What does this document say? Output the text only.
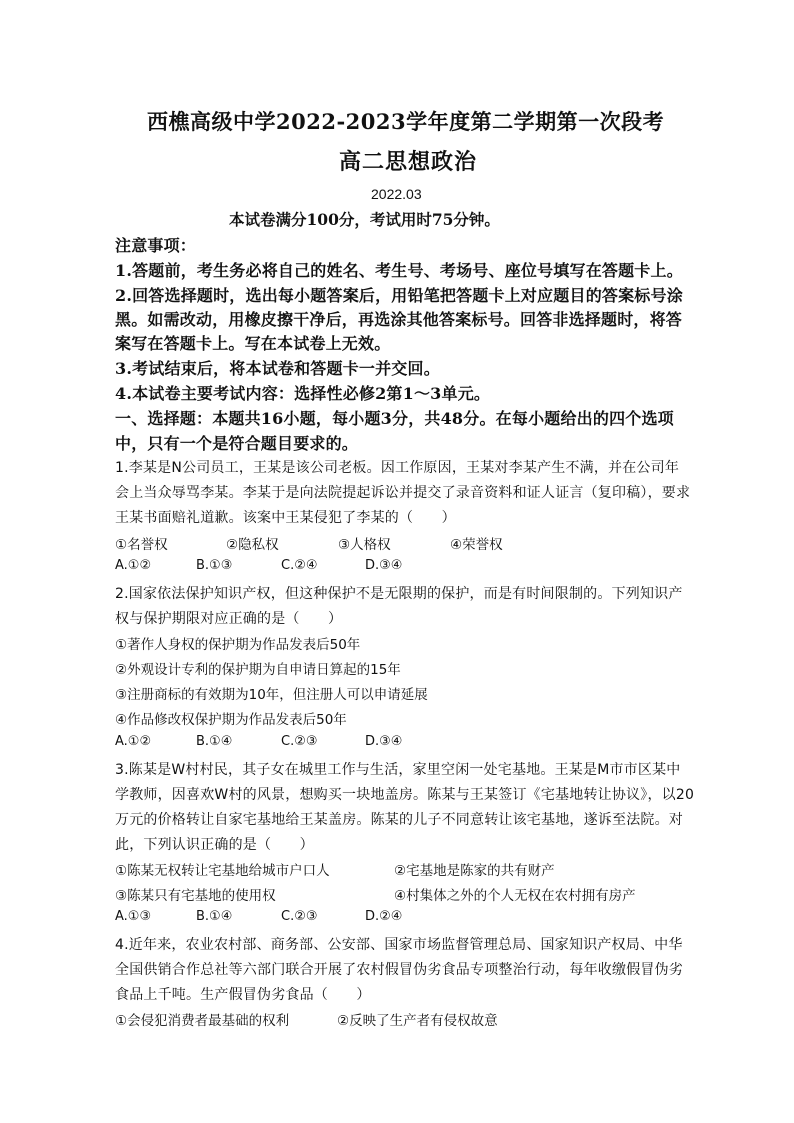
西樵高级中学2022-2023学年度第二学期第一次段考
高二思想政治
2022.03
本试卷满分100分，考试用时75分钟。
注意事项：
1.答题前，考生务必将自己的姓名、考生号、考场号、座位号填写在答题卡上。
2.回答选择题时，选出每小题答案后，用铅笔把答题卡上对应题目的答案标号涂
黑。如需改动，用橡皮擦干净后，再选涂其他答案标号。回答非选择题时，将答
案写在答题卡上。写在本试卷上无效。
3.考试结束后，将本试卷和答题卡一并交回。
4.本试卷主要考试内容：选择性必修2第1～3单元。
一、选择题：本题共16小题，每小题3分，共48分。在每小题给出的四个选项
中，只有一个是符合题目要求的。
1.李某是N公司员工，王某是该公司老板。因工作原因，王某对李某产生不满，并在公司年
会上当众辱骂李某。李某于是向法院提起诉讼并提交了录音资料和证人证言（复印稿），要求
王某书面赔礼道歉。该案中王某侵犯了李某的（　　）
①名誉权	②隐私权	③人格权	④荣誉权
A.①②	B.①③	C.②④	D.③④
2.国家依法保护知识产权，但这种保护不是无限期的保护，而是有时间限制的。下列知识产
权与保护期限对应正确的是（　　）
①著作人身权的保护期为作品发表后50年
②外观设计专利的保护期为自申请日算起的15年
③注册商标的有效期为10年，但注册人可以申请延展
④作品修改权保护期为作品发表后50年
A.①②	B.①④	C.②③	D.③④
3.陈某是W村村民，其子女在城里工作与生活，家里空闲一处宅基地。王某是M市市区某中
学教师，因喜欢W村的风景，想购买一块地盖房。陈某与王某签订《宅基地转让协议》，以20
万元的价格转让自家宅基地给王某盖房。陈某的儿子不同意转让该宅基地，遂诉至法院。对
此，下列认识正确的是（　　）
①陈某无权转让宅基地给城市户口人	②宅基地是陈家的共有财产
③陈某只有宅基地的使用权	④村集体之外的个人无权在农村拥有房产
A.①③	B.①④	C.②③	D.②④
4.近年来，农业农村部、商务部、公安部、国家市场监督管理总局、国家知识产权局、中华
全国供销合作总社等六部门联合开展了农村假冒伪劣食品专项整治行动，每年收缴假冒伪劣
食品上千吨。生产假冒伪劣食品（　　）
①会侵犯消费者最基础的权利	②反映了生产者有侵权故意
